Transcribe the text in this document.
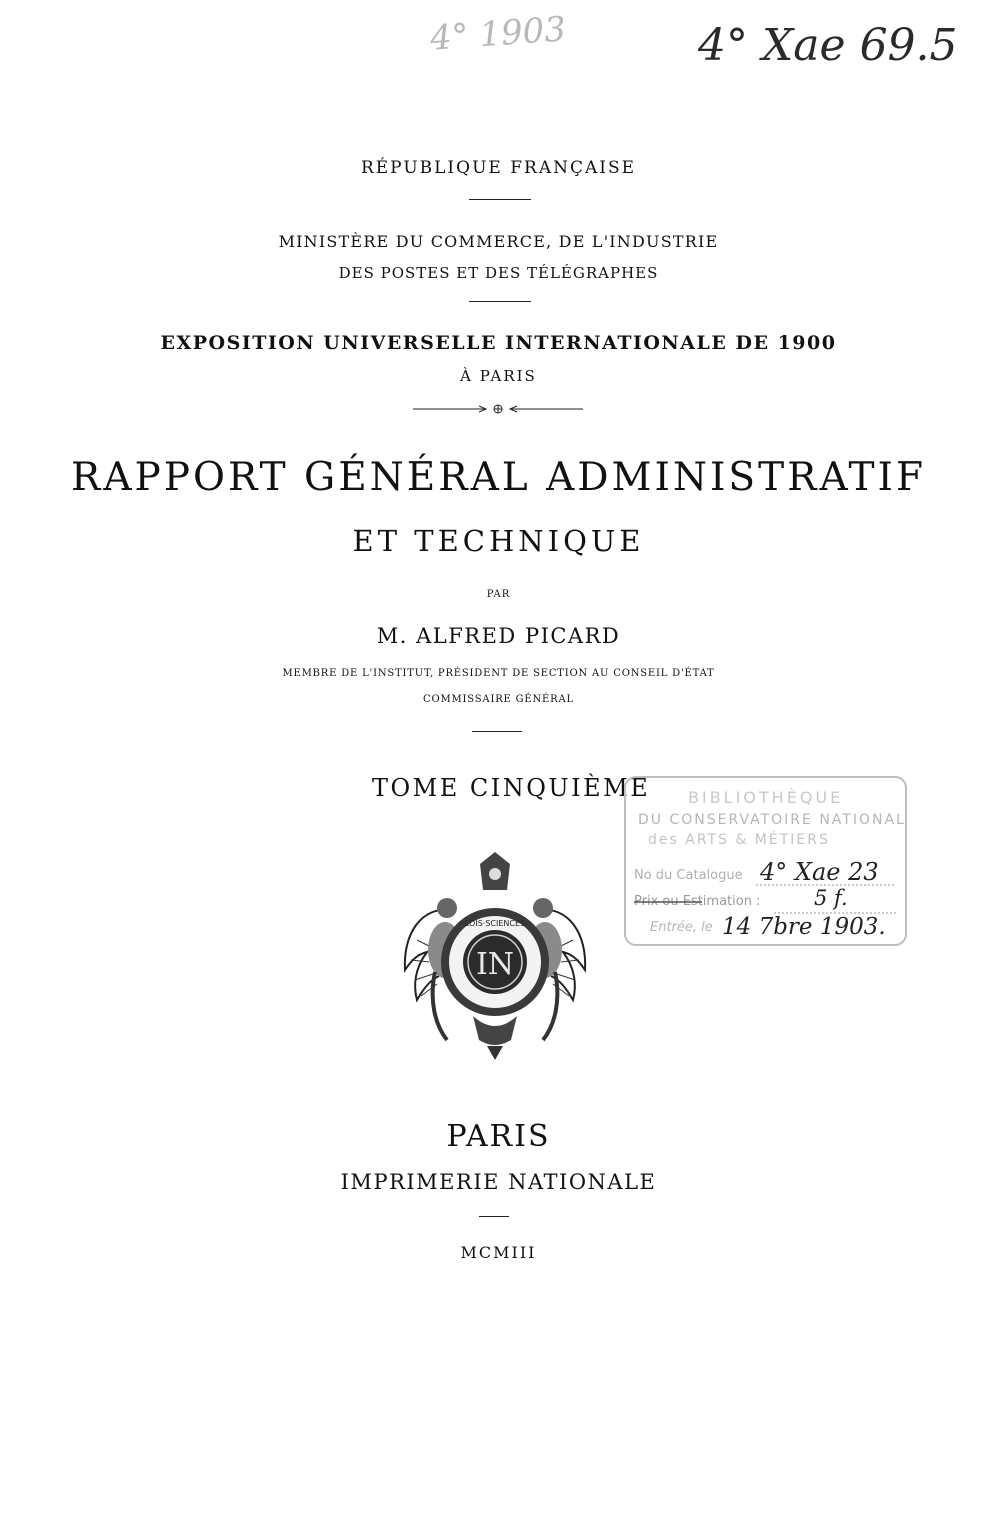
4° 1903	4° Xae 69.5
RÉPUBLIQUE FRANÇAISE
MINISTÈRE DU COMMERCE, DE L'INDUSTRIE
DES POSTES ET DES TÉLÉGRAPHES
EXPOSITION UNIVERSELLE INTERNATIONALE DE 1900
À PARIS
RAPPORT GÉNÉRAL ADMINISTRATIF
ET TECHNIQUE
PAR
M. ALFRED PICARD
MEMBRE DE L'INSTITUT, PRÉSIDENT DE SECTION AU CONSEIL D'ÉTAT
COMMISSAIRE GÉNÉRAL
TOME CINQUIÈME BIBLIOTHÈQUE
DU CONSERVATOIRE NATIONAL
des ARTS & MÉTIERS
No du Catalogue
Prix ou Estimation :
Entrée, le
4° Xae 23
5 f.
14 7bre 1903.
IN
·LOIS·SCIENCES·
PARIS
IMPRIMERIE NATIONALE
MCMIII
